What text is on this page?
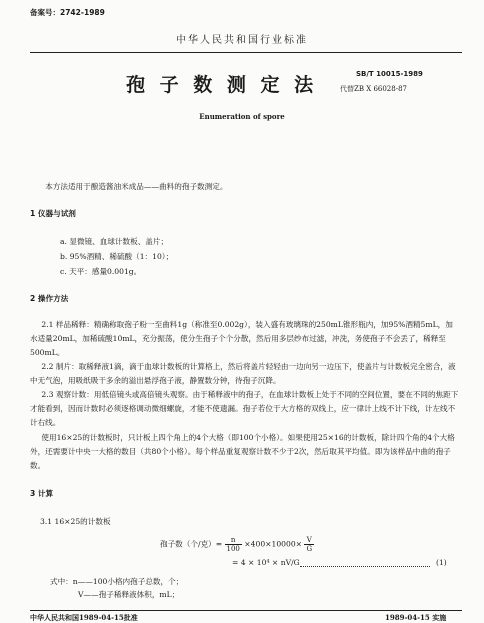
备案号：2742-1989
中华人民共和国行业标准
孢 子 数 测 定 法	SB/T 10015-1989
代替ZB X 66028-87
Enumeration of spore
本方法适用于酿造酱油米成品——曲料的孢子数测定。
1 仪器与试剂
a. 显微镜、血球计数板、盖片；
b. 95%酒精、稀硫酸（1：10）；
c. 天平：感量0.001g。
2 操作方法
2.1 样品稀释：精确称取孢子粉一至曲料1g（称准至0.002g），装入盛有玻璃珠的250mL锥形瓶内，加95%酒精5mL，加水适量20mL，加稀硫酸10mL，充分振荡，使分生孢子个个分散，然后用多层纱布过滤，冲洗，务使孢子不会丢了，稀释至500mL。
2.2 制片：取稀释液1滴，滴于血球计数板的计算格上，然后将盖片轻轻由一边向另一边压下，使盖片与计数板完全密合，液中无气泡，用吸纸吸干多余的溢出悬浮孢子液，静置数分钟，待孢子沉降。
2.3 观察计数：用低倍镜头或高倍镜头观察。由于稀释液中的孢子，在血球计数板上处于不同的空间位置，要在不同的焦距下才能看到，因而计数时必须逐格调动微细螺旋，才能不使遗漏。孢子若位于大方格的双线上，应一律计上线不计下线，计左线不计右线。
使用16×25的计数板时，只计板上四个角上的4个大格（即100个小格）。如果使用25×16的计数板，除计四个角的4个大格外，还需要计中央一大格的数目（共80个小格）。每个样品重复观察计数不少于2次，然后取其平均值。即为该样品中曲的孢子数。
3 计算
3.1 16×25的计数板
孢子数（个/克）= $\frac{n}{100} \times 400\times 10000\times \frac{V}{G}$
= 4 × 10⁴ × nV/G	(1)
式中：n——100小格内孢子总数，个；
V——孢子稀释液体积，mL；
中华人民共和国1989-04-15批准	1989-04-15 实施
